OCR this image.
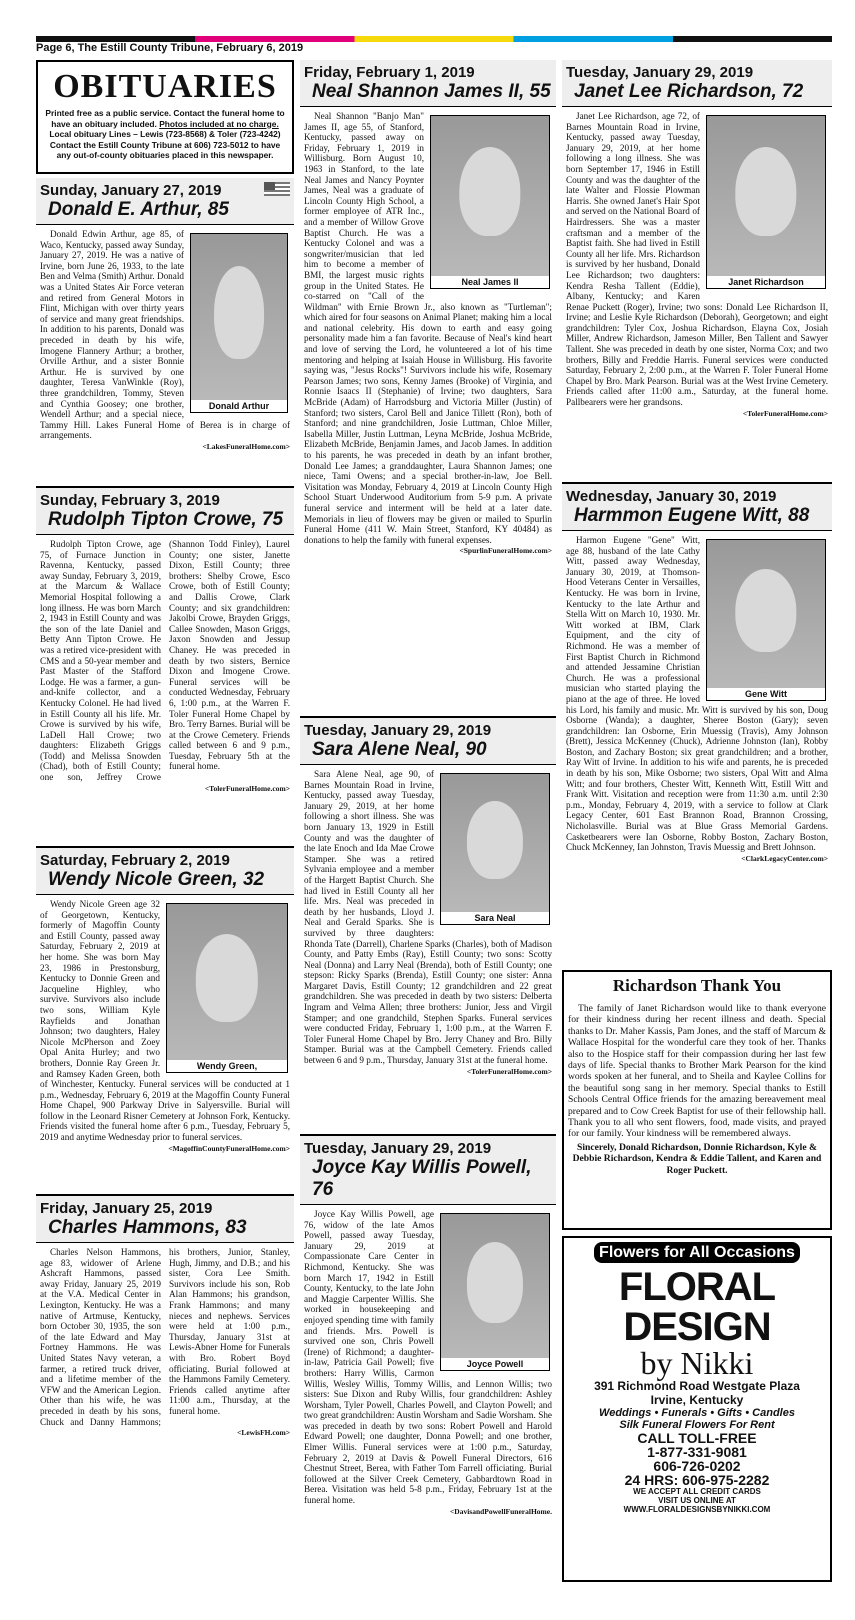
Page 6, The Estill County Tribune, February 6, 2019
OBITUARIES
Printed free as a public service. Contact the funeral home to have an obituary included. Photos included at no charge.
Local obituary Lines – Lewis (723-8568) & Toler (723-4242)
Contact the Estill County Tribune at 606) 723-5012 to have any out-of-county obituaries placed in this newspaper.
Sunday, January 27, 2019
Donald E. Arthur, 85
Donald Arthur

Donald Edwin Arthur, age 85, of Waco, Kentucky, passed away Sunday, January 27, 2019. He was a native of Irvine, born June 26, 1933, to the late Ben and Velma (Smith) Arthur. Donald was a United States Air Force veteran and retired from General Motors in Flint, Michigan with over thirty years of service and many great friendships. In addition to his parents, Donald was preceded in death by his wife, Imogene Flannery Arthur; a brother, Orville Arthur, and a sister Bonnie Arthur. He is survived by one daughter, Teresa VanWinkle (Roy), three grandchildren, Tommy, Steven and Cynthia Goosey; one brother, Wendell Arthur; and a special niece, Tammy Hill. Lakes Funeral Home of Berea is in charge of arrangements.

<LakesFuneralHome.com>
Sunday, February 3, 2019
Rudolph Tipton Crowe, 75

Rudolph Tipton Crowe, age 75, of Furnace Junction in Ravenna, Kentucky, passed away Sunday, February 3, 2019, at the Marcum & Wallace Memorial Hospital following a long illness. He was born March 2, 1943 in Estill County and was the son of the late Daniel and Betty Ann Tipton Crowe. He was a retired vice-president with CMS and a 50-year member and Past Master of the Stafford Lodge. He was a farmer, a gun-and-knife collector, and a Kentucky Colonel. He had lived in Estill County all his life. Mr. Crowe is survived by his wife, LaDell Hall Crowe; two daughters: Elizabeth Griggs (Todd) and Melissa Snowden (Chad), both of Estill County; one son, Jeffrey Crowe (Shannon Todd Finley), Laurel County; one sister, Janette Dixon, Estill County; three brothers: Shelby Crowe, Esco Crowe, both of Estill County; and Dallis Crowe, Clark County; and six grandchildren: Jakolbi Crowe, Brayden Griggs, Callee Snowden, Mason Griggs, Jaxon Snowden and Jessup Chaney. He was preceded in death by two sisters, Bernice Dixon and Imogene Crowe. Funeral services will be conducted Wednesday, February 6, 1:00 p.m., at the Warren F. Toler Funeral Home Chapel by Bro. Terry Barnes. Burial will be at the Crowe Cemetery. Friends called between 6 and 9 p.m., Tuesday, February 5th at the funeral home.

<TolerFuneralHome.com>
Saturday, February 2, 2019
Wendy Nicole Green, 32
Wendy Green,

Wendy Nicole Green age 32 of Georgetown, Kentucky, formerly of Magoffin County and Estill County, passed away Saturday, February 2, 2019 at her home. She was born May 23, 1986 in Prestonsburg, Kentucky to Donnie Green and Jacqueline Highley, who survive. Survivors also include two sons, William Kyle Rayfields and Jonathan Johnson; two daughters, Haley Nicole McPherson and Zoey Opal Anita Hurley; and two brothers, Donnie Ray Green Jr. and Ramsey Kaden Green, both of Winchester, Kentucky. Funeral services will be conducted at 1 p.m., Wednesday, February 6, 2019 at the Magoffin County Funeral Home Chapel, 900 Parkway Drive in Salyersville. Burial will follow in the Leonard Risner Cemetery at Johnson Fork, Kentucky. Friends visited the funeral home after 6 p.m., Tuesday, February 5, 2019 and anytime Wednesday prior to funeral services.

<MagoffinCountyFuneralHome.com>
Friday, January 25, 2019
Charles Hammons, 83

Charles Nelson Hammons, age 83, widower of Arlene Ashcraft Hammons, passed away Friday, January 25, 2019 at the V.A. Medical Center in Lexington, Kentucky. He was a native of Artmuse, Kentucky, born October 30, 1935, the son of the late Edward and May Fortney Hammons. He was United States Navy veteran, a farmer, a retired truck driver, and a lifetime member of the VFW and the American Legion. Other than his wife, he was preceded in death by his sons, Chuck and Danny Hammons; his brothers, Junior, Stanley, Hugh, Jimmy, and D.B.; and his sister, Cora Lee Smith. Survivors include his son, Rob Alan Hammons; his grandson, Frank Hammons; and many nieces and nephews. Services were held at 1:00 p.m., Thursday, January 31st at Lewis-Abner Home for Funerals with Bro. Robert Boyd officiating. Burial followed at the Hammons Family Cemetery. Friends called anytime after 11:00 a.m., Thursday, at the funeral home.

<LewisFH.com>
Friday, February 1, 2019
Neal Shannon James II, 55
Neal James II

Neal Shannon "Banjo Man" James II, age 55, of Stanford, Kentucky, passed away on Friday, February 1, 2019 in Willisburg. Born August 10, 1963 in Stanford, to the late Neal James and Nancy Poynter James, Neal was a graduate of Lincoln County High School, a former employee of ATR Inc., and a member of Willow Grove Baptist Church. He was a Kentucky Colonel and was a songwriter/musician that led him to become a member of BMI, the largest music rights group in the United States. He co-starred on "Call of the Wildman" with Ernie Brown Jr., also known as "Turtleman"; which aired for four seasons on Animal Planet; making him a local and national celebrity. His down to earth and easy going personality made him a fan favorite. Because of Neal's kind heart and love of serving the Lord, he volunteered a lot of his time mentoring and helping at Isaiah House in Willisburg. His favorite saying was, "Jesus Rocks"! Survivors include his wife, Rosemary Pearson James; two sons, Kenny James (Brooke) of Virginia, and Ronnie Isaacs II (Stephanie) of Irvine; two daughters, Sara McBride (Adam) of Harrodsburg and Victoria Miller (Justin) of Stanford; two sisters, Carol Bell and Janice Tillett (Ron), both of Stanford; and nine grandchildren, Josie Luttman, Chloe Miller, Isabella Miller, Justin Luttman, Leyna McBride, Joshua McBride, Elizabeth McBride, Benjamin James, and Jacob James. In addition to his parents, he was preceded in death by an infant brother, Donald Lee James; a granddaughter, Laura Shannon James; one niece, Tami Owens; and a special brother-in-law, Joe Bell. Visitation was Monday, February 4, 2019 at Lincoln County High School Stuart Underwood Auditorium from 5-9 p.m. A private funeral service and interment will be held at a later date. Memorials in lieu of flowers may be given or mailed to Spurlin Funeral Home (411 W. Main Street, Stanford, KY 40484) as donations to help the family with funeral expenses.

<SpurlinFuneralHome.com>
Tuesday, January 29, 2019
Sara Alene Neal, 90
Sara Neal

Sara Alene Neal, age 90, of Barnes Mountain Road in Irvine, Kentucky, passed away Tuesday, January 29, 2019, at her home following a short illness. She was born January 13, 1929 in Estill County and was the daughter of the late Enoch and Ida Mae Crowe Stamper. She was a retired Sylvania employee and a member of the Hargett Baptist Church. She had lived in Estill County all her life. Mrs. Neal was preceded in death by her husbands, Lloyd J. Neal and Gerald Sparks. She is survived by three daughters: Rhonda Tate (Darrell), Charlene Sparks (Charles), both of Madison County, and Patty Embs (Ray), Estill County; two sons: Scotty Neal (Donna) and Larry Neal (Brenda), both of Estill County; one stepson: Ricky Sparks (Brenda), Estill County; one sister: Anna Margaret Davis, Estill County; 12 grandchildren and 22 great grandchildren. She was preceded in death by two sisters: Delberta Ingram and Velma Allen; three brothers: Junior, Jess and Virgil Stamper; and one grandchild, Stephen Sparks. Funeral services were conducted Friday, February 1, 1:00 p.m., at the Warren F. Toler Funeral Home Chapel by Bro. Jerry Chaney and Bro. Billy Stamper. Burial was at the Campbell Cemetery. Friends called between 6 and 9 p.m., Thursday, January 31st at the funeral home.

<TolerFuneralHome.com>
Tuesday, January 29, 2019
Joyce Kay Willis Powell, 76
Joyce Powell

Joyce Kay Willis Powell, age 76, widow of the late Amos Powell, passed away Tuesday, January 29, 2019 at Compassionate Care Center in Richmond, Kentucky. She was born March 17, 1942 in Estill County, Kentucky, to the late John and Maggie Carpenter Willis. She worked in housekeeping and enjoyed spending time with family and friends. Mrs. Powell is survived one son, Chris Powell (Irene) of Richmond; a daughter-in-law, Patricia Gail Powell; five brothers: Harry Willis, Carmon Willis, Wesley Willis, Tommy Willis, and Lennon Willis; two sisters: Sue Dixon and Ruby Willis, four grandchildren: Ashley Worsham, Tyler Powell, Charles Powell, and Clayton Powell; and two great grandchildren: Austin Worsham and Sadie Worsham. She was preceded in death by two sons: Robert Powell and Harold Edward Powell; one daughter, Donna Powell; and one brother, Elmer Willis. Funeral services were at 1:00 p.m., Saturday, February 2, 2019 at Davis & Powell Funeral Directors, 616 Chestnut Street, Berea, with Father Tom Farrell officiating. Burial followed at the Silver Creek Cemetery, Gabbardtown Road in Berea. Visitation was held 5-8 p.m., Friday, February 1st at the funeral home.

<DavisandPowellFuneralHome.
Tuesday, January 29, 2019
Janet Lee Richardson, 72
Janet Richardson

Janet Lee Richardson, age 72, of Barnes Mountain Road in Irvine, Kentucky, passed away Tuesday, January 29, 2019, at her home following a long illness. She was born September 17, 1946 in Estill County and was the daughter of the late Walter and Flossie Plowman Harris. She owned Janet's Hair Spot and served on the National Board of Hairdressers. She was a master craftsman and a member of the Baptist faith. She had lived in Estill County all her life. Mrs. Richardson is survived by her husband, Donald Lee Richardson; two daughters: Kendra Resha Tallent (Eddie), Albany, Kentucky; and Karen Renae Puckett (Roger), Irvine; two sons: Donald Lee Richardson II, Irvine; and Leslie Kyle Richardson (Deborah), Georgetown; and eight grandchildren: Tyler Cox, Joshua Richardson, Elayna Cox, Josiah Miller, Andrew Richardson, Jameson Miller, Ben Tallent and Sawyer Tallent. She was preceded in death by one sister, Norma Cox; and two brothers, Billy and Freddie Harris. Funeral services were conducted Saturday, February 2, 2:00 p.m., at the Warren F. Toler Funeral Home Chapel by Bro. Mark Pearson. Burial was at the West Irvine Cemetery. Friends called after 11:00 a.m., Saturday, at the funeral home. Pallbearers were her grandsons.

<TolerFuneralHome.com>
Wednesday, January 30, 2019
Harmmon Eugene Witt, 88
Gene Witt

Harmon Eugene "Gene" Witt, age 88, husband of the late Cathy Witt, passed away Wednesday, January 30, 2019, at Thomson-Hood Veterans Center in Versailles, Kentucky. He was born in Irvine, Kentucky to the late Arthur and Stella Witt on March 10, 1930. Mr. Witt worked at IBM, Clark Equipment, and the city of Richmond. He was a member of First Baptist Church in Richmond and attended Jessamine Christian Church. He was a professional musician who started playing the piano at the age of three. He loved his Lord, his family and music. Mr. Witt is survived by his son, Doug Osborne (Wanda); a daughter, Sheree Boston (Gary); seven grandchildren: Ian Osborne, Erin Muessig (Travis), Amy Johnson (Brett), Jessica McKenney (Chuck), Adrienne Johnston (Ian), Robby Boston, and Zachary Boston; six great grandchildren; and a brother, Ray Witt of Irvine. In addition to his wife and parents, he is preceded in death by his son, Mike Osborne; two sisters, Opal Witt and Alma Witt; and four brothers, Chester Witt, Kenneth Witt, Estill Witt and Frank Witt. Visitation and reception were from 11:30 a.m. until 2:30 p.m., Monday, February 4, 2019, with a service to follow at Clark Legacy Center, 601 East Brannon Road, Brannon Crossing, Nicholasville. Burial was at Blue Grass Memorial Gardens. Casketbearers were Ian Osborne, Robby Boston, Zachary Boston, Chuck McKenney, Ian Johnston, Travis Muessig and Brett Johnson.

<ClarkLegacyCenter.com>
Richardson Thank You

The family of Janet Richardson would like to thank everyone for their kindness during her recent illness and death. Special thanks to Dr. Maher Kassis, Pam Jones, and the staff of Marcum & Wallace Hospital for the wonderful care they took of her. Thanks also to the Hospice staff for their compassion during her last few days of life. Special thanks to Brother Mark Pearson for the kind words spoken at her funeral, and to Sheila and Kaylee Collins for the beautiful song sang in her memory. Special thanks to Estill Schools Central Office friends for the amazing bereavement meal prepared and to Cow Creek Baptist for use of their fellowship hall. Thank you to all who sent flowers, food, made visits, and prayed for our family. Your kindness will be remembered always.

Sincerely, Donald Richardson, Donnie Richardson, Kyle & Debbie Richardson, Kendra & Eddie Tallent, and Karen and Roger Puckett.
Flowers for All Occasions
FLORAL DESIGN
by Nikki
391 Richmond Road Westgate Plaza
Irvine, Kentucky
Weddings • Funerals • Gifts • Candles
Silk Funeral Flowers For Rent
CALL TOLL-FREE
1-877-331-9081
606-726-0202
24 HRS: 606-975-2282
WE ACCEPT ALL CREDIT CARDS
VISIT US ONLINE AT
WWW.FLORALDESIGNSBYNIKKI.COM
